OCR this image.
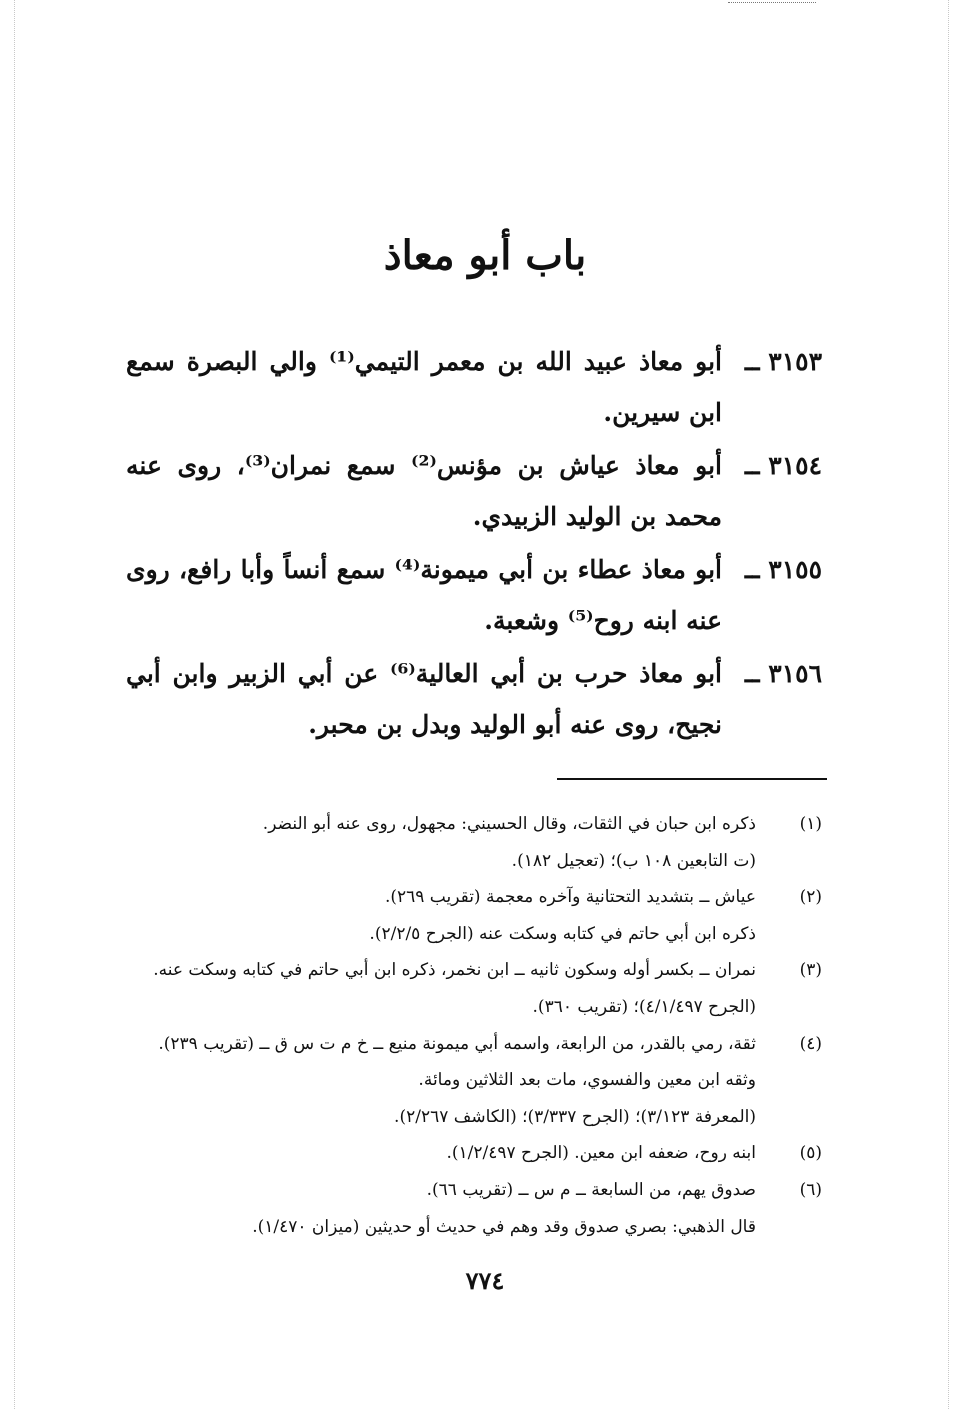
باب أبو معاذ
٣١٥٣ ــ
أبو معاذ عبيد الله بن معمر التيمي⁽¹⁾ والي البصرة سمع ابن سيرين.
٣١٥٤ ــ
أبو معاذ عياش بن مؤنس⁽²⁾ سمع نمران⁽³⁾، روى عنه محمد بن الوليد الزبيدي.
٣١٥٥ ــ
أبو معاذ عطاء بن أبي ميمونة⁽⁴⁾ سمع أنساً وأبا رافع، روى عنه ابنه روح⁽⁵⁾ وشعبة.
٣١٥٦ ــ
أبو معاذ حرب بن أبي العالية⁽⁶⁾ عن أبي الزبير وابن أبي نجيح، روى عنه أبو الوليد وبدل بن محبر.
(١)
ذكره ابن حبان في الثقات، وقال الحسيني: مجهول، روى عنه أبو النضر.
(ت التابعين ١٠٨ ب)؛ (تعجيل ١٨٢).
(٢)
عياش ــ بتشديد التحتانية وآخره معجمة (تقريب ٢٦٩).
ذكره ابن أبي حاتم في كتابه وسكت عنه (الجرح ٢/٢/٥).
(٣)
نمران ــ بكسر أوله وسكون ثانيه ــ ابن نخمر، ذكره ابن أبي حاتم في كتابه وسكت عنه.
(الجرح ٤/١/٤٩٧)؛ (تقريب ٣٦٠).
(٤)
ثقة، رمي بالقدر، من الرابعة، واسمه أبي ميمونة منيع ــ خ م ت س ق ــ (تقريب ٢٣٩).
وثقه ابن معين والفسوي، مات بعد الثلاثين ومائة.
(المعرفة ٣/١٢٣)؛ (الجرح ٣/٣٣٧)؛ (الكاشف ٢/٢٦٧).
(٥)
ابنه روح، ضعفه ابن معين. (الجرح ١/٢/٤٩٧).
(٦)
صدوق يهم، من السابعة ــ م س ــ (تقريب ٦٦).
قال الذهبي: بصري صدوق وقد وهم في حديث أو حديثين (ميزان ١/٤٧٠).
٧٧٤
